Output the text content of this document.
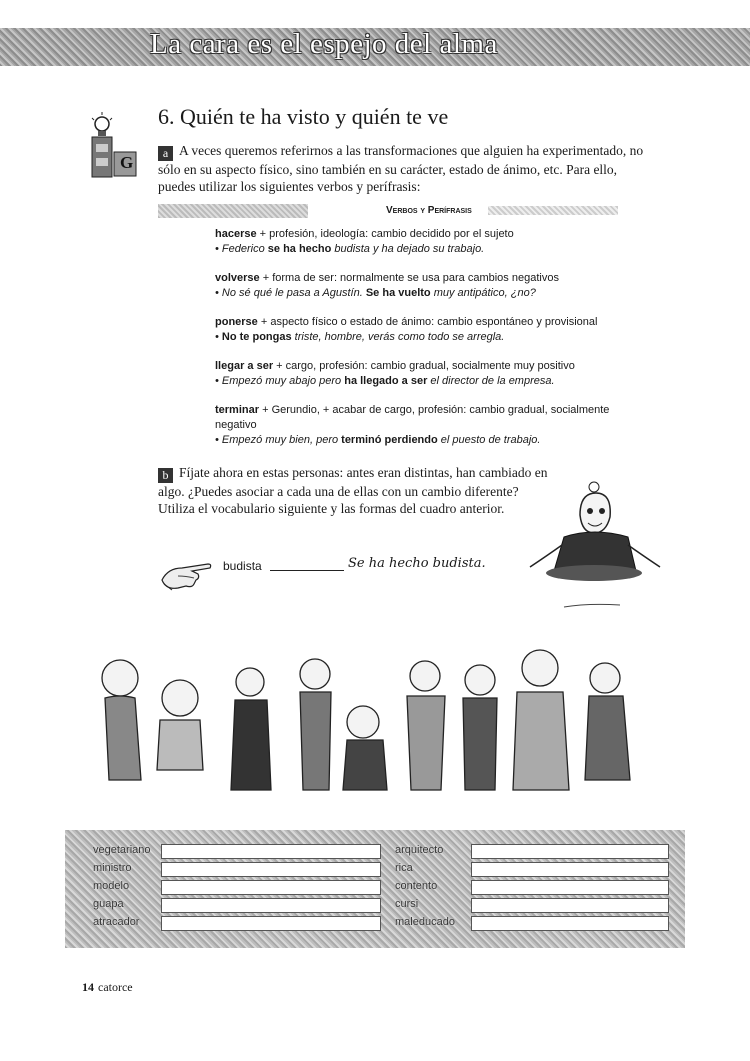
La cara es el espejo del alma
G
6. Quién te ha visto y quién te ve
a A veces queremos referirnos a las transformaciones que alguien ha experimentado, no sólo en su aspecto físico, sino también en su carácter, estado de ánimo, etc. Para ello, puedes utilizar los siguientes verbos y perífrasis:
Verbos y Perífrasis
hacerse + profesión, ideología: cambio decidido por el sujeto
• Federico se ha hecho budista y ha dejado su trabajo.
volverse + forma de ser: normalmente se usa para cambios negativos
• No sé qué le pasa a Agustín. Se ha vuelto muy antipático, ¿no?
ponerse + aspecto físico o estado de ánimo: cambio espontáneo y provisional
• No te pongas triste, hombre, verás como todo se arregla.
llegar a ser + cargo, profesión: cambio gradual, socialmente muy positivo
• Empezó muy abajo pero ha llegado a ser el director de la empresa.
terminar + Gerundio, + acabar de cargo, profesión: cambio gradual, socialmente negativo
• Empezó muy bien, pero terminó perdiendo el puesto de trabajo.
b Fíjate ahora en estas personas: antes eran distintas, han cambiado en algo. ¿Puedes asociar a cada una de ellas con un cambio diferente? Utiliza el vocabulario siguiente y las formas del cuadro anterior.
budista	Se ha hecho budista.
vegetariano
ministro
modelo
guapa
atracador
arquitecto
rica
contento
cursi
maleducado
14 catorce
